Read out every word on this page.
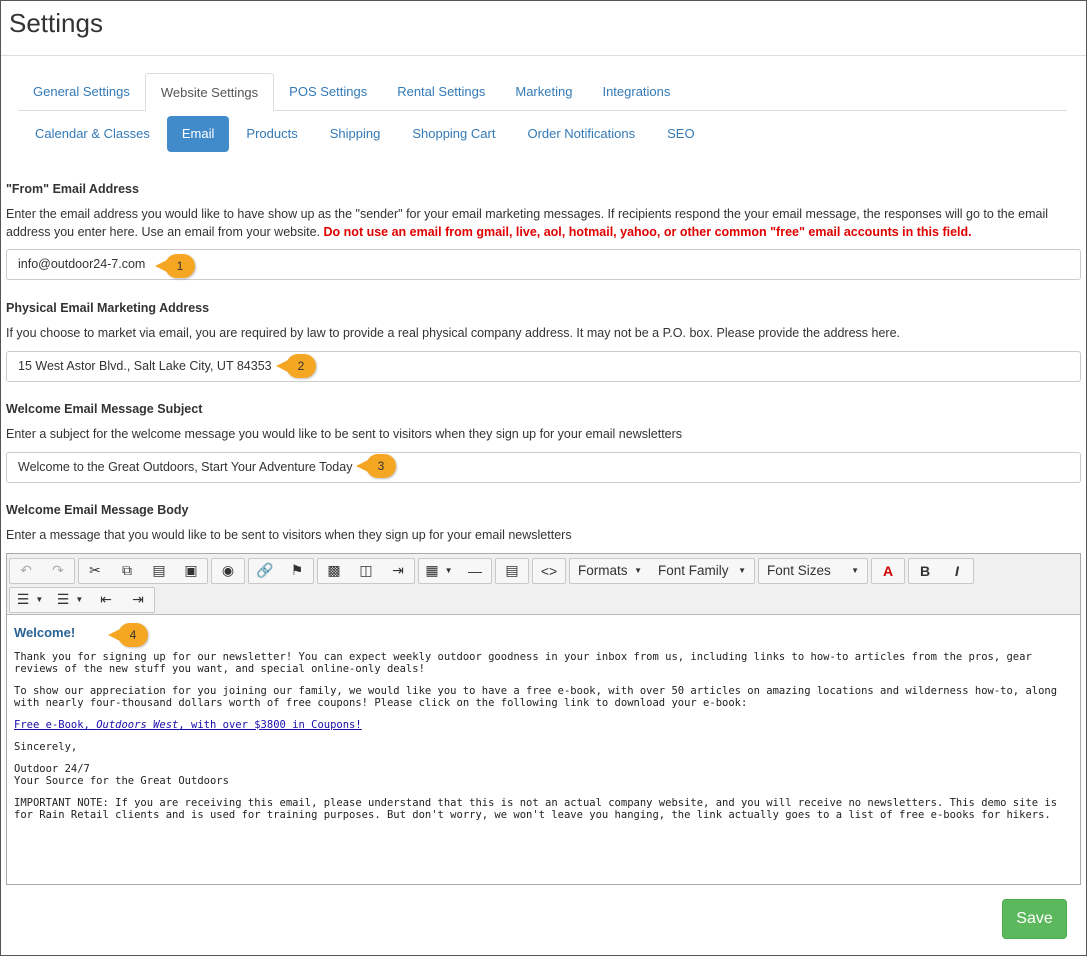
Settings
General Settings	Website Settings	POS Settings	Rental Settings	Marketing	Integrations
Calendar & Classes	Email	Products	Shipping	Shopping Cart	Order Notifications	SEO
"From" Email Address
Enter the email address you would like to have show up as the "sender" for your email marketing messages. If recipients respond the your email message, the responses will go to the email address you enter here. Use an email from your website. Do not use an email from gmail, live, aol, hotmail, yahoo, or other common "free" email accounts in this field.
info@outdoor24-7.com	1
Physical Email Marketing Address
If you choose to market via email, you are required by law to provide a real physical company address. It may not be a P.O. box. Please provide the address here.
15 West Astor Blvd., Salt Lake City, UT 84353	2
Welcome Email Message Subject
Enter a subject for the welcome message you would like to be sent to visitors when they sign up for your email newsletters
Welcome to the Great Outdoors, Start Your Adventure Today	3
Welcome Email Message Body
Enter a message that you would like to be sent to visitors when they sign up for your email newsletters
↶	↷	✂	⧉	▤	▣	◉	🔗	⚑	▩	◫	⇥	▦ ▼	—	▤	<>	Formats ▼ Font Family ▼ Font Sizes	▼	A	B	I
☰ ▼ ☰ ▼	⇤	⇥
Welcome!

Thank you for signing up for our newsletter! You can expect weekly outdoor goodness in your inbox from us, including links to how-to articles from the pros, gear reviews of the new stuff you want, and special online-only deals!

To show our appreciation for you joining our family, we would like you to have a free e-book, with over 50 articles on amazing locations and wilderness how-to, along with nearly four-thousand dollars worth of free coupons! Please click on the following link to download your e-book:

Free e-Book, Outdoors West, with over $3800 in Coupons!

Sincerely,

Outdoor 24/7
Your Source for the Great Outdoors

IMPORTANT NOTE: If you are receiving this email, please understand that this is not an actual company website, and you will receive no newsletters. This demo site is for Rain Retail clients and is used for training purposes. But don't worry, we won't leave you hanging, the link actually goes to a list of free e-books for hikers.

4
Save
